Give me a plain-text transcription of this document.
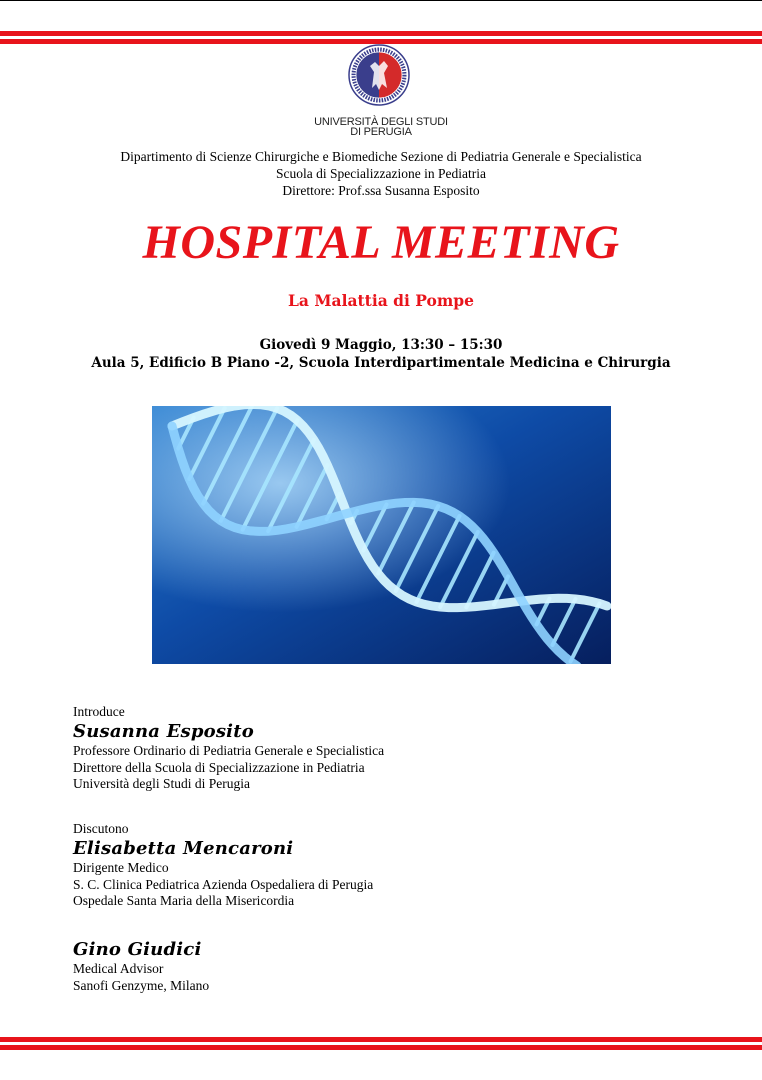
UNIVERSITÀ DEGLI STUDI
DI PERUGIA
Dipartimento di Scienze Chirurgiche e Biomediche Sezione di Pediatria Generale e Specialistica
Scuola di Specializzazione in Pediatria
Direttore: Prof.ssa Susanna Esposito
HOSPITAL MEETING
La Malattia di Pompe
Giovedì 9 Maggio, 13:30 – 15:30
Aula 5, Edificio B Piano -2, Scuola Interdipartimentale Medicina e Chirurgia
Introduce
Susanna Esposito
Professore Ordinario di Pediatria Generale e Specialistica
Direttore della Scuola di Specializzazione in Pediatria
Università degli Studi di Perugia
Discutono
Elisabetta Mencaroni
Dirigente Medico
S. C. Clinica Pediatrica Azienda Ospedaliera di Perugia
Ospedale Santa Maria della Misericordia
Gino Giudici
Medical Advisor
Sanofi Genzyme, Milano
